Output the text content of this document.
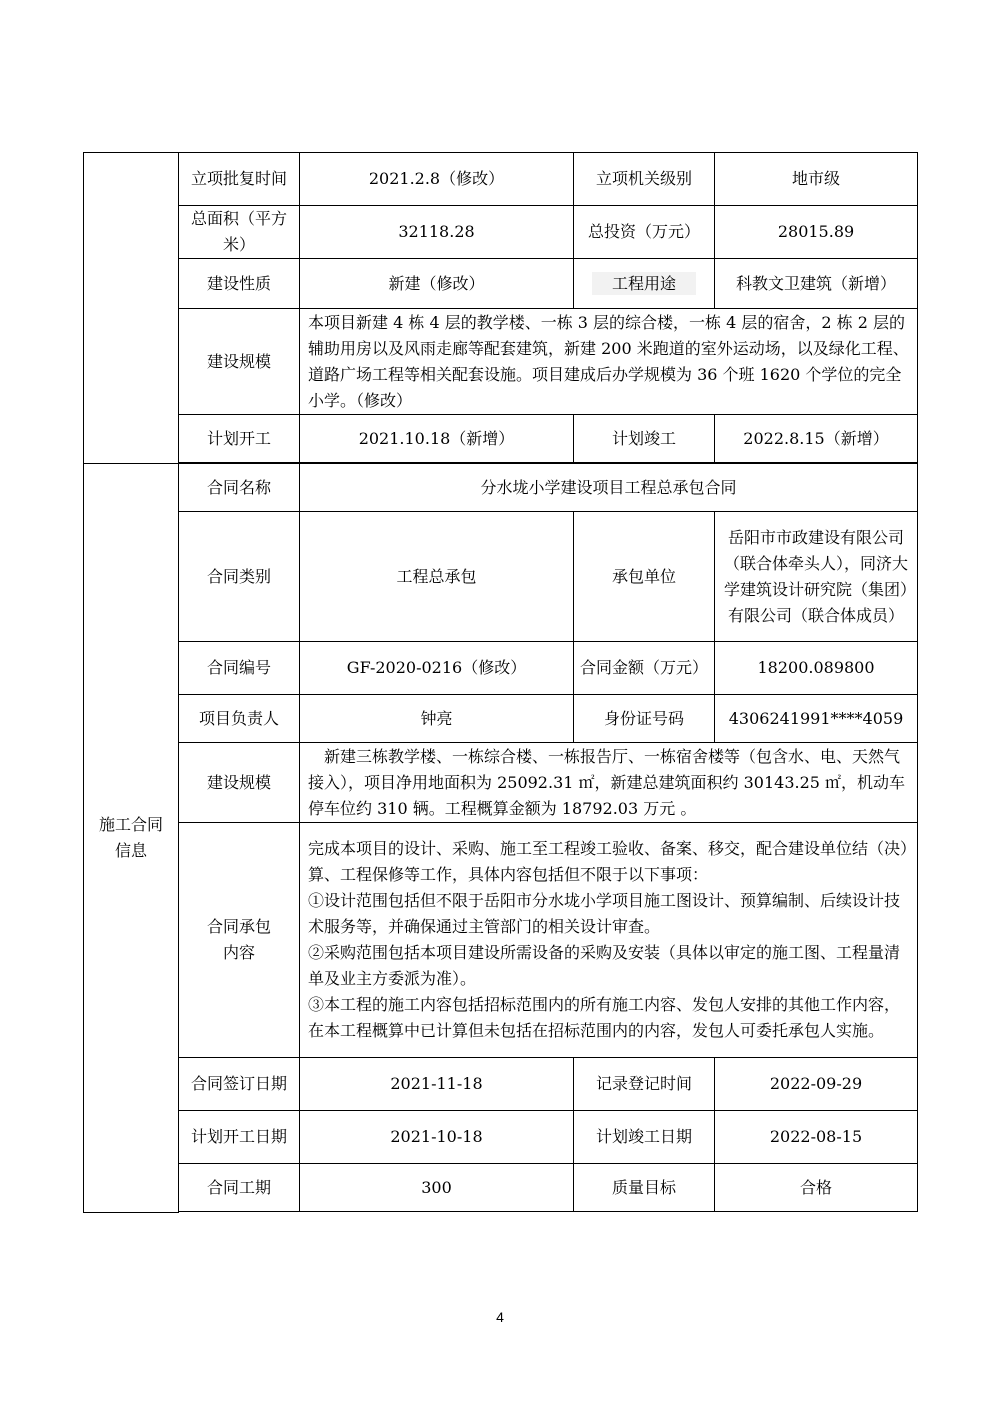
	立项批复时间	2021.2.8（修改）	立项机关级别	地市级
	总面积（平方米）	32118.28	总投资（万元）	28015.89
	建设性质	新建（修改）	工程用途	科教文卫建筑（新增）
	建设规模	本项目新建 4 栋 4 层的教学楼、一栋 3 层的综合楼，一栋 4 层的宿舍，2 栋 2 层的辅助用房以及风雨走廊等配套建筑，新建 200 米跑道的室外运动场，以及绿化工程、道路广场工程等相关配套设施。项目建成后办学规模为 36 个班 1620 个学位的完全小学。（修改）		
	计划开工	2021.10.18（新增）	计划竣工	2022.8.15（新增）

施工合同信息	合同名称	分水垅小学建设项目工程总承包合同		
	合同类别	工程总承包	承包单位	岳阳市市政建设有限公司（联合体牵头人），同济大学建筑设计研究院（集团）有限公司（联合体成员）
	合同编号	GF-2020-0216（修改）	合同金额（万元）	18200.089800
	项目负责人	钟亮	身份证号码	4306241991****4059
	建设规模	新建三栋教学楼、一栋综合楼、一栋报告厅、一栋宿舍楼等（包含水、电、天然气接入），项目净用地面积为 25092.31 ㎡，新建总建筑面积约 30143.25 ㎡，机动车停车位约 310 辆。工程概算金额为 18792.03 万元 。		

	合同承包内容	完成本项目的设计、采购、施工至工程竣工验收、备案、移交，配合建设单位结（决）算、工程保修等工作，具体内容包括但不限于以下事项：
①设计范围包括但不限于岳阳市分水垅小学项目施工图设计、预算编制、后续设计技术服务等，并确保通过主管部门的相关设计审查。
②采购范围包括本项目建设所需设备的采购及安装（具体以审定的施工图、工程量清单及业主方委派为准）。
③本工程的施工内容包括招标范围内的所有施工内容、发包人安排的其他工作内容，在本工程概算中已计算但未包括在招标范围内的内容，发包人可委托承包人实施。		

	合同签订日期	2021-11-18	记录登记时间	2022-09-29
	计划开工日期	2021-10-18	计划竣工日期	2022-08-15
	合同工期	300	质量目标	合格

4
